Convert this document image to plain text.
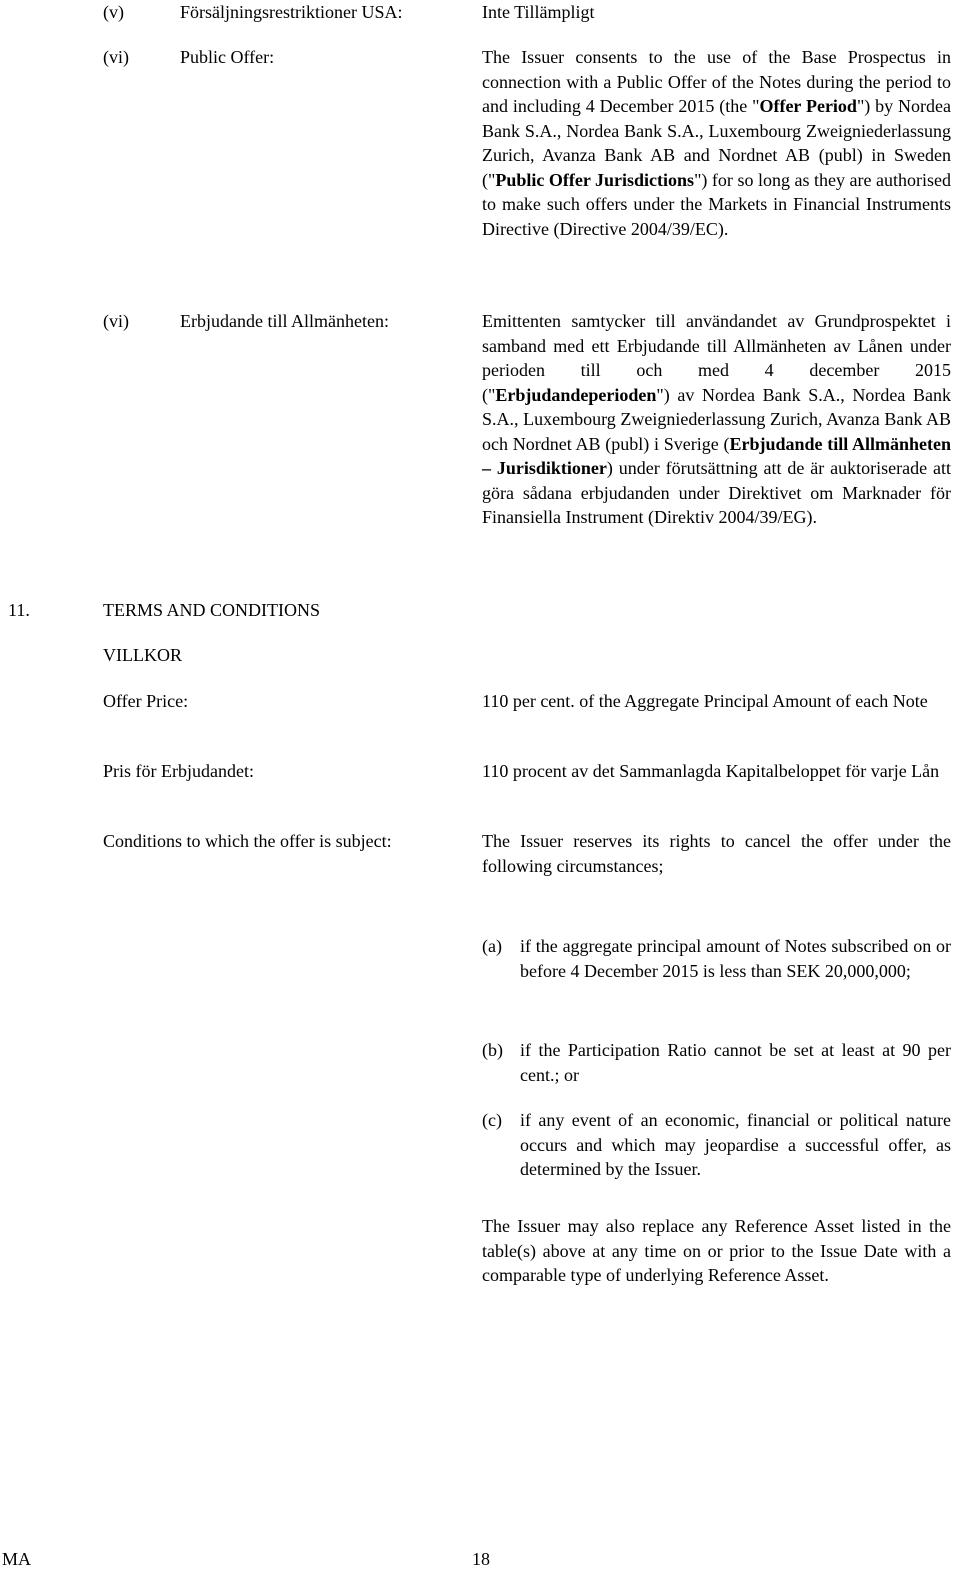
(v)	Försäljningsrestriktioner USA:	Inte Tillämpligt
(vi)	Public Offer:	The Issuer consents to the use of the Base Prospectus in connection with a Public Offer of the Notes during the period to and including 4 December 2015 (the "Offer Period") by Nordea Bank S.A., Nordea Bank S.A., Luxembourg Zweigniederlassung Zurich, Avanza Bank AB and Nordnet AB (publ) in Sweden ("Public Offer Jurisdictions") for so long as they are authorised to make such offers under the Markets in Financial Instruments Directive (Directive 2004/39/EC).
(vi)	Erbjudande till Allmänheten:	Emittenten samtycker till användandet av Grundprospektet i samband med ett Erbjudande till Allmänheten av Lånen under perioden till och med 4 december 2015 ("Erbjudandeperioden") av Nordea Bank S.A., Nordea Bank S.A., Luxembourg Zweigniederlassung Zurich, Avanza Bank AB och Nordnet AB (publ) i Sverige (Erbjudande till Allmänheten – Jurisdiktioner) under förutsättning att de är auktoriserade att göra sådana erbjudanden under Direktivet om Marknader för Finansiella Instrument (Direktiv 2004/39/EG).
11.	TERMS AND CONDITIONS
VILLKOR
Offer Price:	110 per cent. of the Aggregate Principal Amount of each Note
Pris för Erbjudandet:	110 procent av det Sammanlagda Kapitalbeloppet för varje Lån
Conditions to which the offer is subject:	The Issuer reserves its rights to cancel the offer under the following circumstances;
(a) if the aggregate principal amount of Notes subscribed on or before 4 December 2015 is less than SEK 20,000,000;
(b) if the Participation Ratio cannot be set at least at 90 per cent.; or
(c) if any event of an economic, financial or political nature occurs and which may jeopardise a successful offer, as determined by the Issuer.
The Issuer may also replace any Reference Asset listed in the table(s) above at any time on or prior to the Issue Date with a comparable type of underlying Reference Asset.
MA	18
